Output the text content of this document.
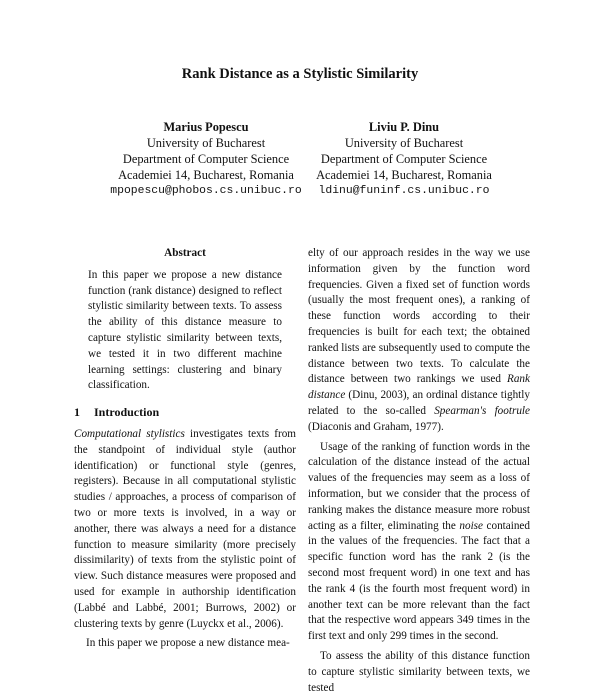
Rank Distance as a Stylistic Similarity
Marius Popescu
University of Bucharest
Department of Computer Science
Academiei 14, Bucharest, Romania
mpopescu@phobos.cs.unibuc.ro
Liviu P. Dinu
University of Bucharest
Department of Computer Science
Academiei 14, Bucharest, Romania
ldinu@funinf.cs.unibuc.ro
Abstract

In this paper we propose a new distance function (rank distance) designed to reflect stylistic similarity between texts. To assess the ability of this distance measure to capture stylistic similarity between texts, we tested it in two different machine learning settings: clustering and binary classification.

1 Introduction

Computational stylistics investigates texts from the standpoint of individual style (author identification) or functional style (genres, registers). Because in all computational stylistic studies / approaches, a process of comparison of two or more texts is involved, in a way or another, there was always a need for a distance function to measure similarity (more precisely dissimilarity) of texts from the stylistic point of view. Such distance measures were proposed and used for example in authorship identification (Labbé and Labbé, 2001; Burrows, 2002) or clustering texts by genre (Luyckx et al., 2006).

In this paper we propose a new distance mea-

elty of our approach resides in the way we use information given by the function word frequencies. Given a fixed set of function words (usually the most frequent ones), a ranking of these function words according to their frequencies is built for each text; the obtained ranked lists are subsequently used to compute the distance between two texts. To calculate the distance between two rankings we used Rank distance (Dinu, 2003), an ordinal distance tightly related to the so-called Spearman's footrule (Diaconis and Graham, 1977).

Usage of the ranking of function words in the calculation of the distance instead of the actual values of the frequencies may seem as a loss of information, but we consider that the process of ranking makes the distance measure more robust acting as a filter, eliminating the noise contained in the values of the frequencies. The fact that a specific function word has the rank 2 (is the second most frequent word) in one text and has the rank 4 (is the fourth most frequent word) in another text can be more relevant than the fact that the respective word appears 349 times in the first text and only 299 times in the second.

To assess the ability of this distance function to capture stylistic similarity between texts, we tested
